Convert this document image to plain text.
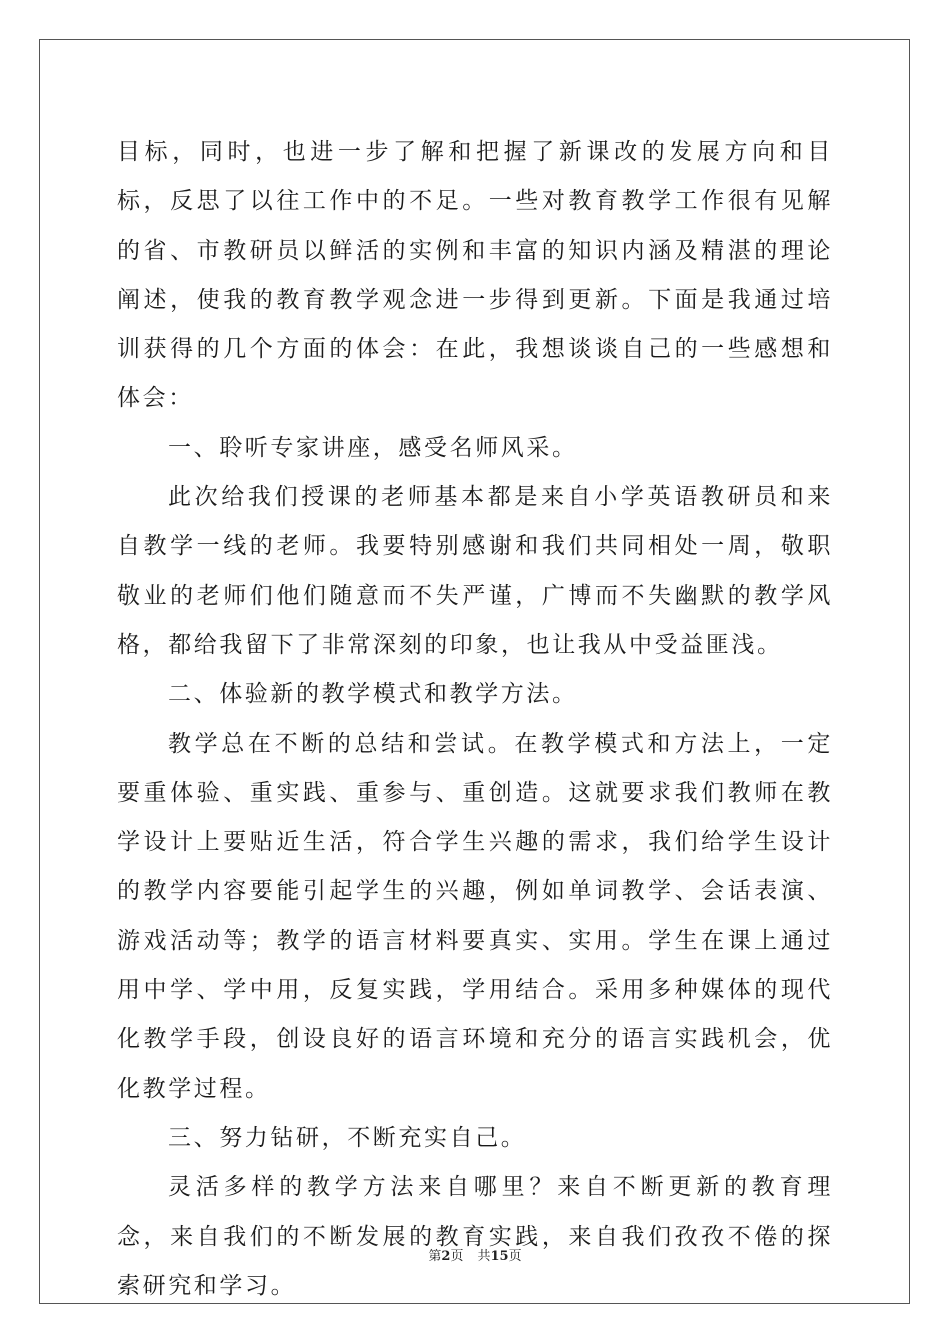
目标，同时，也进一步了解和把握了新课改的发展方向和目标，反思了以往工作中的不足。一些对教育教学工作很有见解的省、市教研员以鲜活的实例和丰富的知识内涵及精湛的理论阐述，使我的教育教学观念进一步得到更新。下面是我通过培训获得的几个方面的体会：在此，我想谈谈自己的一些感想和体会：

一、聆听专家讲座，感受名师风采。

此次给我们授课的老师基本都是来自小学英语教研员和来自教学一线的老师。我要特别感谢和我们共同相处一周，敬职敬业的老师们他们随意而不失严谨，广博而不失幽默的教学风格，都给我留下了非常深刻的印象，也让我从中受益匪浅。

二、体验新的教学模式和教学方法。

教学总在不断的总结和尝试。在教学模式和方法上，一定要重体验、重实践、重参与、重创造。这就要求我们教师在教学设计上要贴近生活，符合学生兴趣的需求，我们给学生设计的教学内容要能引起学生的兴趣，例如单词教学、会话表演、游戏活动等；教学的语言材料要真实、实用。学生在课上通过用中学、学中用，反复实践，学用结合。采用多种媒体的现代化教学手段，创设良好的语言环境和充分的语言实践机会，优化教学过程。

三、努力钻研，不断充实自己。

灵活多样的教学方法来自哪里？来自不断更新的教育理念，来自我们的不断发展的教育实践，来自我们孜孜不倦的探索研究和学习。

第2页 共15页
